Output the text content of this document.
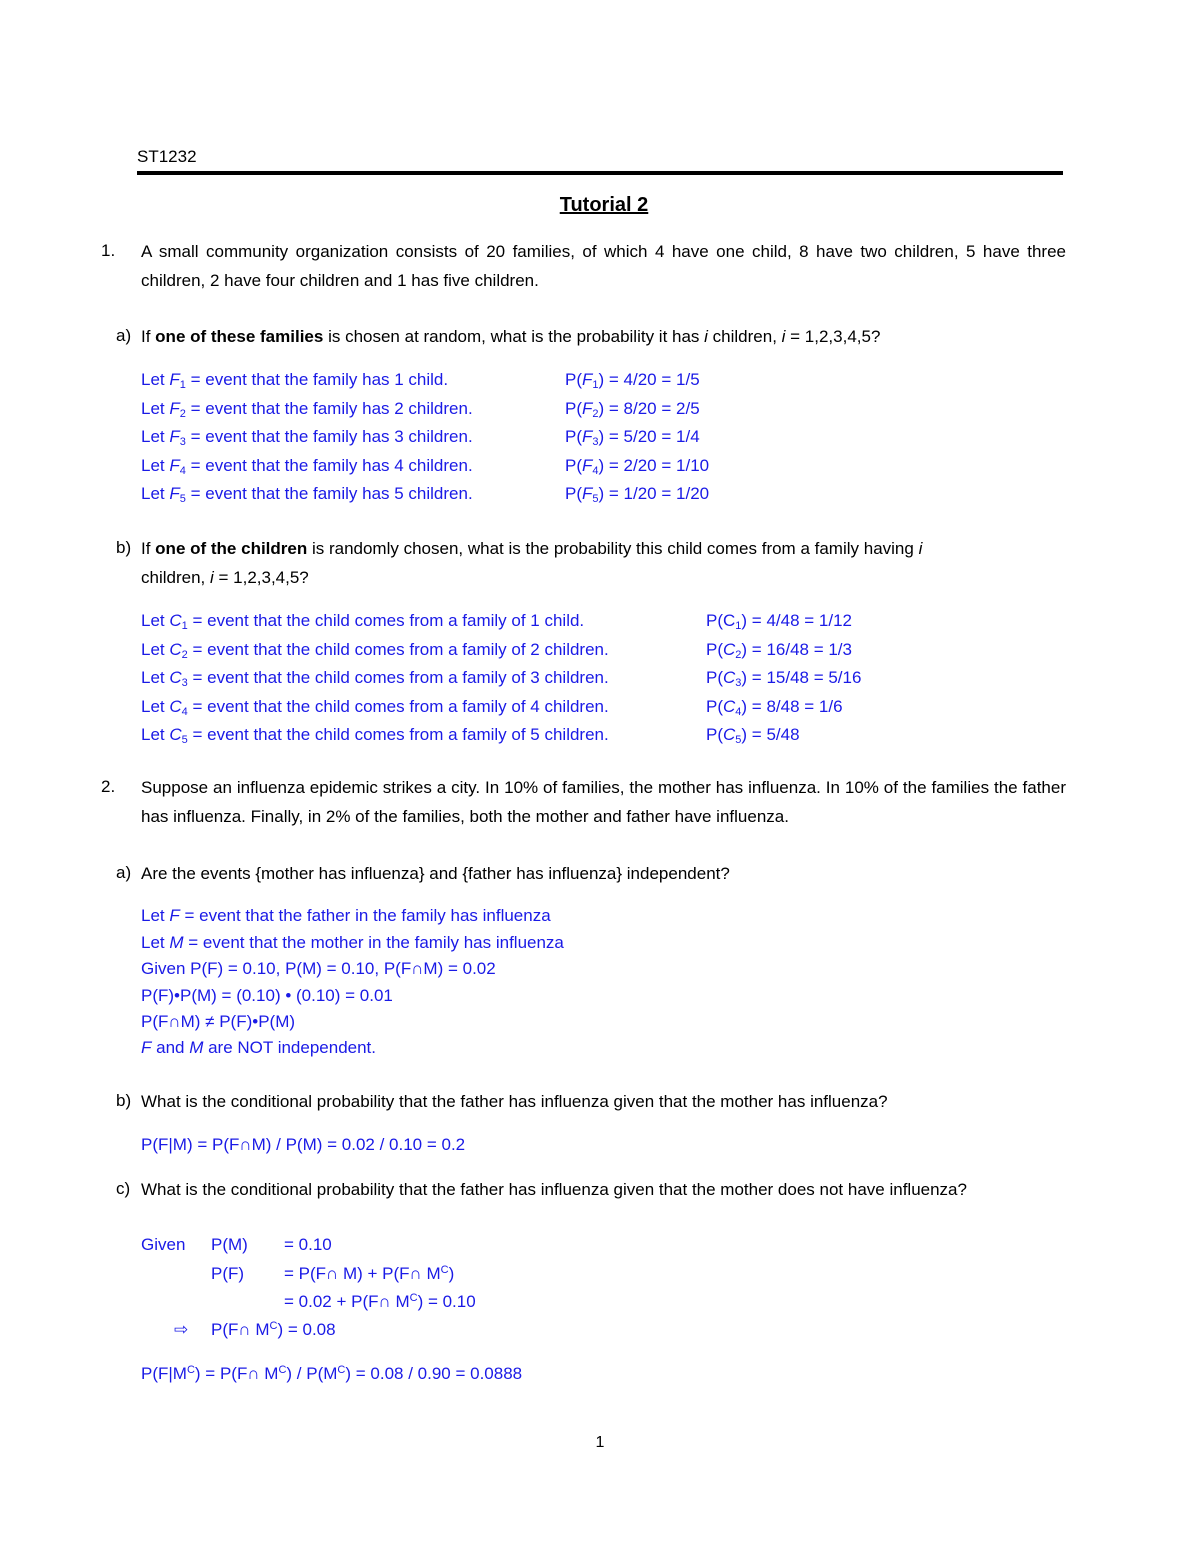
ST1232
Tutorial 2
1. A small community organization consists of 20 families, of which 4 have one child, 8 have two children, 5 have three children, 2 have four children and 1 has five children.
a) If one of these families is chosen at random, what is the probability it has i children, i = 1,2,3,4,5?
Let $F_1$ = event that the family has 1 child.	$P(F_1) = 4/20 = 1/5$
Let $F_2$ = event that the family has 2 children.	$P(F_2) = 8/20 = 2/5$
Let $F_3$ = event that the family has 3 children.	$P(F_3) = 5/20 = 1/4$
Let $F_4$ = event that the family has 4 children.	$P(F_4) = 2/20 = 1/10$
Let $F_5$ = event that the family has 5 children.	$P(F_5) = 1/20 = 1/20$
b) If one of the children is randomly chosen, what is the probability this child comes from a family having i
children, i = 1,2,3,4,5?
Let $C_1$ = event that the child comes from a family of 1 child.	$P(C_1) = 4/48 = 1/12$
Let $C_2$ = event that the child comes from a family of 2 children.	$P(C_2) = 16/48 = 1/3$
Let $C_3$ = event that the child comes from a family of 3 children.	$P(C_3) = 15/48 = 5/16$
Let $C_4$ = event that the child comes from a family of 4 children.	$P(C_4) = 8/48 = 1/6$
Let $C_5$ = event that the child comes from a family of 5 children.	$P(C_5) = 5/48$
2. Suppose an influenza epidemic strikes a city. In 10% of families, the mother has influenza. In 10% of the families the father has influenza. Finally, in 2% of the families, both the mother and father have influenza.
a) Are the events {mother has influenza} and {father has influenza} independent?
Let F = event that the father in the family has influenza
Let M = event that the mother in the family has influenza
Given P(F) = 0.10, P(M) = 0.10, P(F∩M) = 0.02
P(F)•P(M) = (0.10) • (0.10) = 0.01
P(F∩M) ≠ P(F)•P(M)
F and M are NOT independent.
b) What is the conditional probability that the father has influenza given that the mother has influenza?
P(F|M) = P(F∩M) / P(M) = 0.02 / 0.10 = 0.2
c) What is the conditional probability that the father has influenza given that the mother does not have influenza?
Given P(M) = 0.10
P(F) = P(F∩ M) + P(F∩ $M^C$)
= 0.02 + P(F∩ $M^C) = 0.10$
⇨ P(F∩ $M^C) = 0.08$
$P(F|M^C)$ = P(F∩ $M^C) / P(M^C) = 0.08 / 0.90 = 0.0888$
1
